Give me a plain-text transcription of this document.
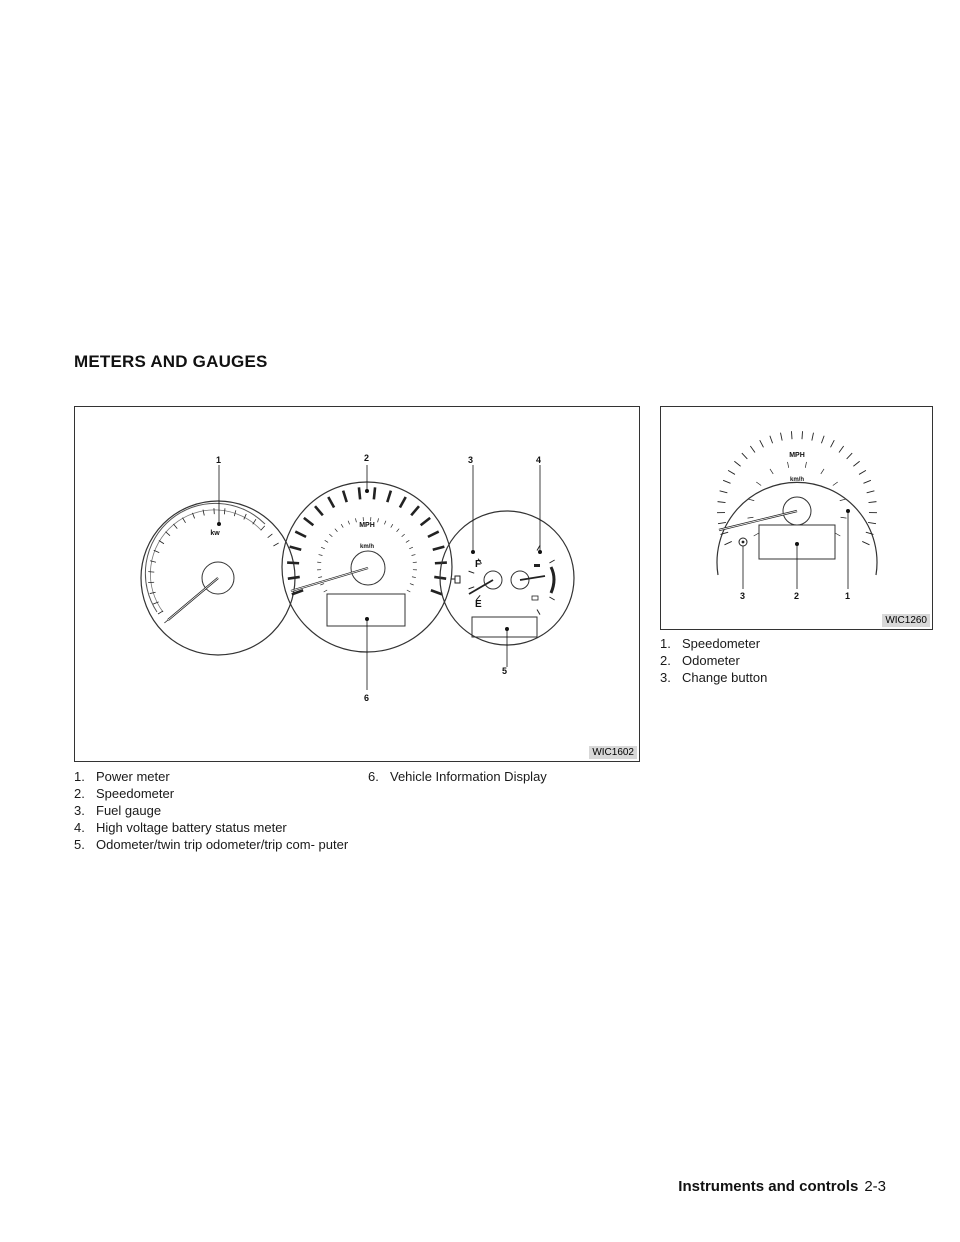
METERS AND GAUGES
kw
MPH
km/h
F
E
1	2	3	4
5
6
WIC1602
MPH
km/h
3	2	1
WIC1260
1. Power meter
2. Speedometer
3. Fuel gauge
4. High voltage battery status meter
5. Odometer/twin trip odometer/trip com- puter
6. Vehicle Information Display
1. Speedometer
2. Odometer
3. Change button
Instruments and controls 2-3
